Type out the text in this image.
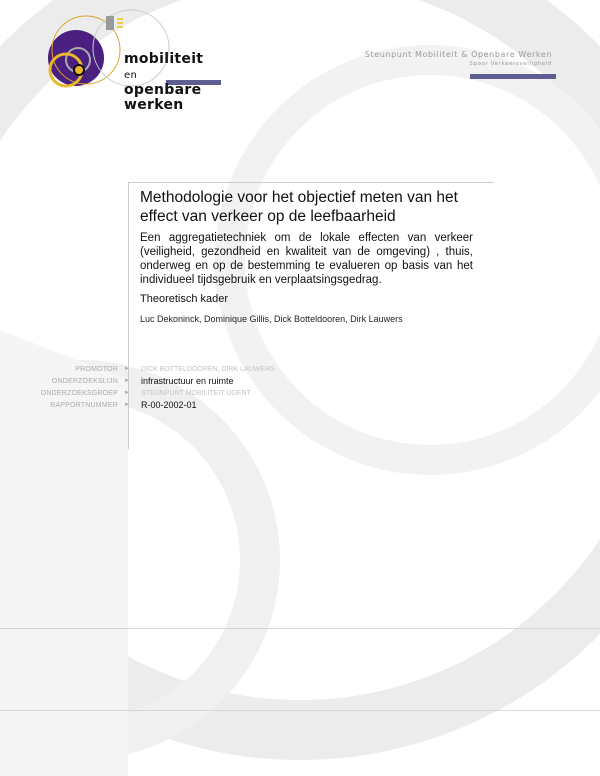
mobiliteit en
openbare werken
Steunpunt Mobiliteit & Openbare Werken
Spoor Verkeersveiligheid
Methodologie voor het objectief meten van het effect van verkeer op de leefbaarheid
Een aggregatietechniek om de lokale effecten van verkeer (veiligheid, gezondheid en kwaliteit van de omgeving) , thuis, onderweg en op de bestemming te evalueren op basis van het individueel tijdsgebruik en verplaatsingsgedrag.
Theoretisch kader
Luc Dekoninck, Dominique Gillis, Dick Botteldooren, Dirk Lauwers
PROMOTOR	►	DICK BOTTELDOOREN, DIRK LAUWERS
ONDERZOEKSLIJN	►	infrastructuur en ruimte
ONDERZOEKSGROEP	►	STEUNPUNT MOBILITEIT UGENT
RAPPORTNUMMER	►	R-00-2002-01
